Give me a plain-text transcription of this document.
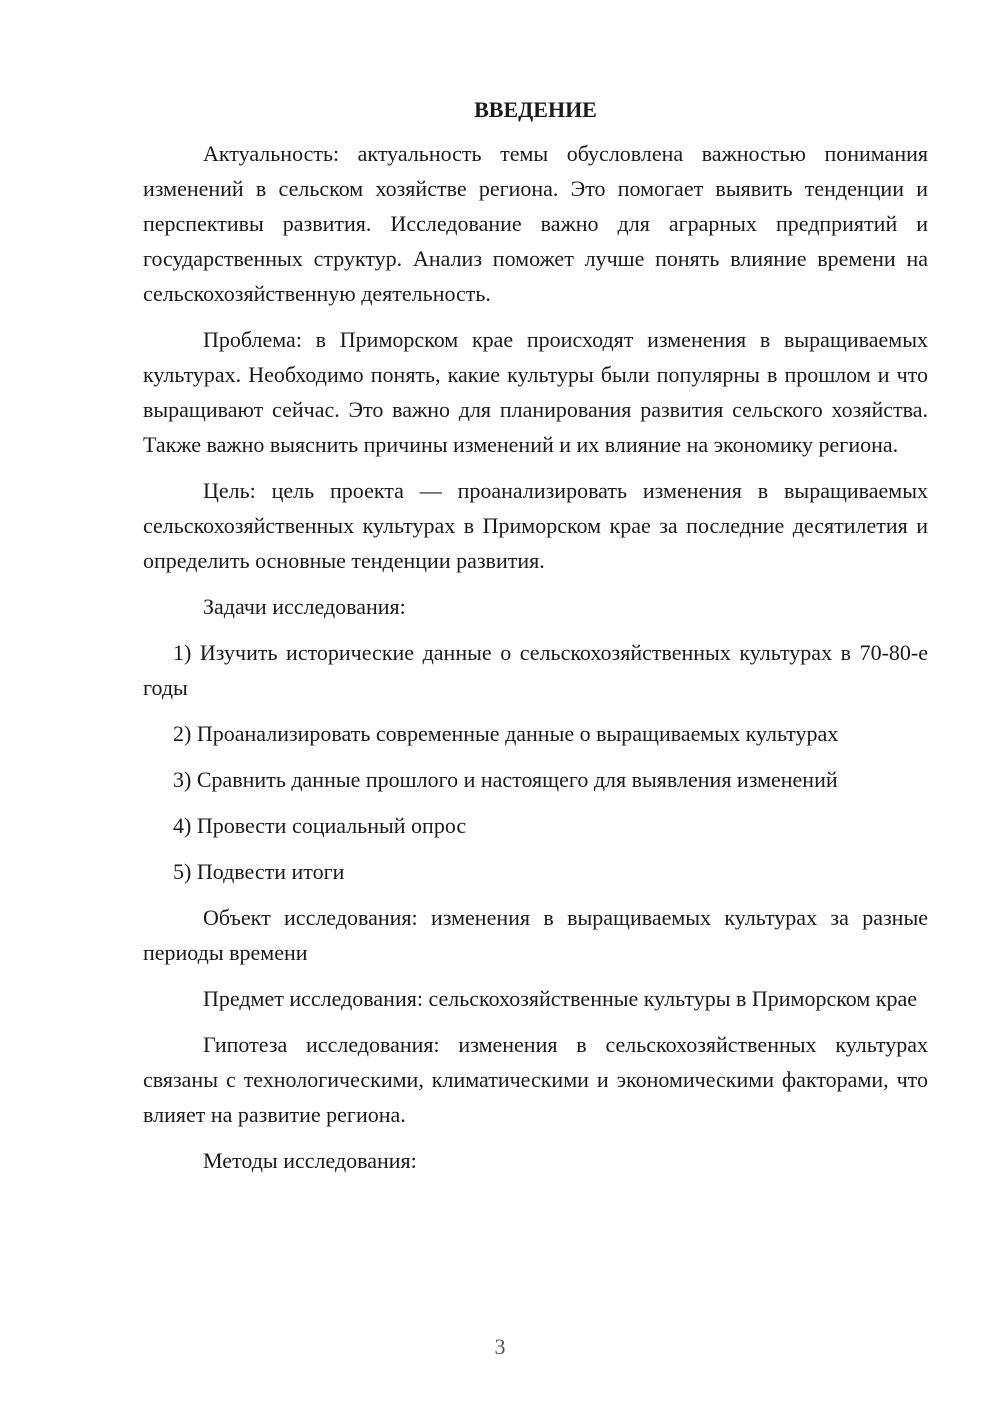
ВВЕДЕНИЕ

Актуальность: актуальность темы обусловлена важностью понимания изменений в сельском хозяйстве региона. Это помогает выявить тенденции и перспективы развития. Исследование важно для аграрных предприятий и государственных структур. Анализ поможет лучше понять влияние времени на сельскохозяйственную деятельность.

Проблема: в Приморском крае происходят изменения в выращиваемых культурах. Необходимо понять, какие культуры были популярны в прошлом и что выращивают сейчас. Это важно для планирования развития сельского хозяйства. Также важно выяснить причины изменений и их влияние на экономику региона.

Цель: цель проекта — проанализировать изменения в выращиваемых сельскохозяйственных культурах в Приморском крае за последние десятилетия и определить основные тенденции развития.

Задачи исследования:

1) Изучить исторические данные о сельскохозяйственных культурах в 70-80-е годы

2) Проанализировать современные данные о выращиваемых культурах

3) Сравнить данные прошлого и настоящего для выявления изменений

4) Провести социальный опрос

5) Подвести итоги

Объект исследования: изменения в выращиваемых культурах за разные периоды времени

Предмет исследования: сельскохозяйственные культуры в Приморском крае

Гипотеза исследования: изменения в сельскохозяйственных культурах связаны с технологическими, климатическими и экономическими факторами, что влияет на развитие региона.

Методы исследования:

3
